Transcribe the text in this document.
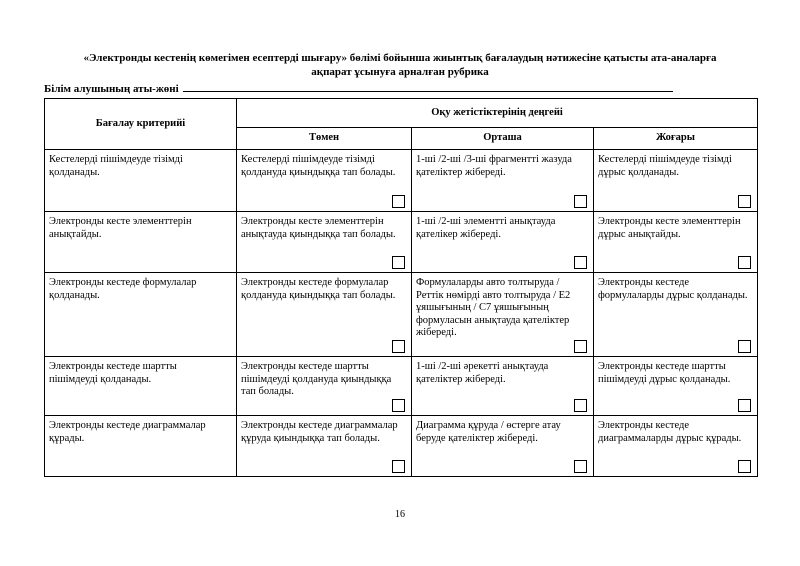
«Электронды кестенің көмегімен есептерді шығару» бөлімі бойынша жиынтық бағалаудың нәтижесіне қатысты ата-аналарға
ақпарат ұсынуға арналған рубрика
Білім алушының аты-жөні
Бағалау критерийі	Оқу жетістіктерінің деңгейі		
	Төмен	Орташа	Жоғары

Кестелерді пішімдеуде тізімді қолданады.	Кестелерді пішімдеуде тізімді қолдануда қиындыққа тап болады.	1-ші /2-ші /3-ші фрагментті жазуда қателіктер жібереді.	Кестелерді пішімдеуде тізімді дұрыс қолданады.

Электронды кесте элементтерін анықтайды.	Электронды кесте элементтерін анықтауда қиындыққа тап болады.	1-ші /2-ші элементті анықтауда қателікер жібереді.	Электронды кесте элементтерін дұрыс анықтайды.

Электронды кестеде формулалар қолданады.	Электронды кестеде формулалар қолдануда қиындыққа тап болады.	Формулаларды авто толтыруда / Реттік нөмірді авто толтыруда / Е2 ұяшығының / С7 ұяшығының формуласын анықтауда қателіктер жібереді.	Электронды кестеде формулаларды дұрыс қолданады.

Электронды кестеде шартты пішімдеуді қолданады.	Электронды кестеде шартты пішімдеуді қолдануда қиындыққа тап болады.	1-ші /2-ші әрекетті анықтауда қателіктер жібереді.	Электронды кестеде шартты пішімдеуді дұрыс қолданады.

Электронды кестеде диаграммалар құрады.	Электронды кестеде диаграммалар құруда қиындыққа тап болады.	Диаграмма құруда / өстерге атау беруде қателіктер жібереді.	Электронды кестеде диаграммаларды дұрыс құрады.
16
